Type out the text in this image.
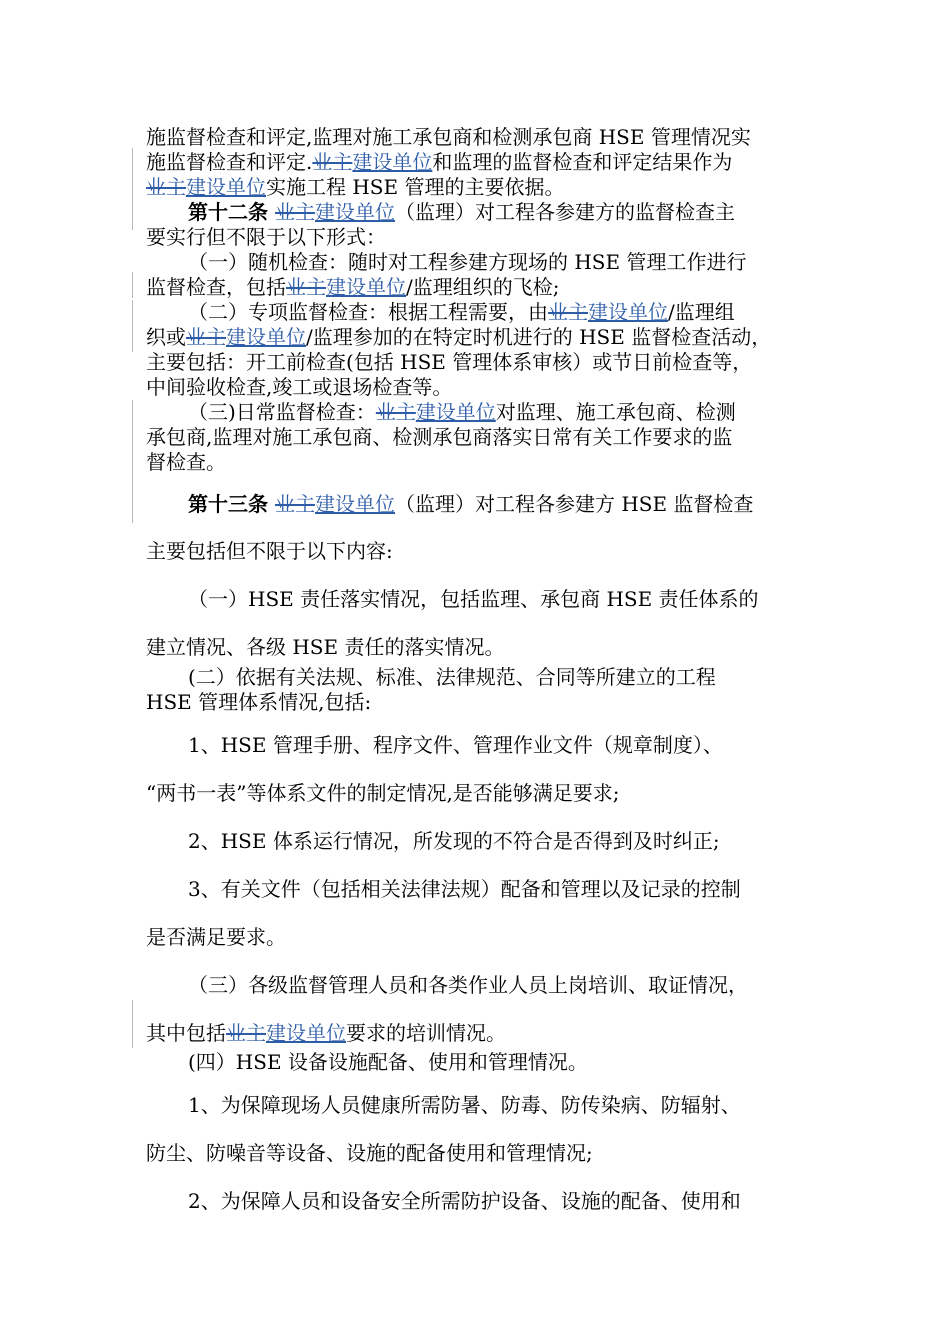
施监督检查和评定,监理对施工承包商和检测承包商 HSE 管理情况实
施监督检查和评定.业主建设单位和监理的监督检查和评定结果作为
业主建设单位实施工程 HSE 管理的主要依据。
第十二条 业主建设单位（监理）对工程各参建方的监督检查主
要实行但不限于以下形式：
（一）随机检查：随时对工程参建方现场的 HSE 管理工作进行
监督检查，包括业主建设单位/监理组织的飞检;
（二）专项监督检查：根据工程需要，由业主建设单位/监理组
织或业主建设单位/监理参加的在特定时机进行的 HSE 监督检查活动，
主要包括：开工前检查(包括 HSE 管理体系审核）或节日前检查等，
中间验收检查,竣工或退场检查等。
（三)日常监督检查：业主建设单位对监理、施工承包商、检测
承包商,监理对施工承包商、检测承包商落实日常有关工作要求的监
督检查。
第十三条 业主建设单位（监理）对工程各参建方 HSE 监督检查
主要包括但不限于以下内容:
（一）HSE 责任落实情况，包括监理、承包商 HSE 责任体系的
建立情况、各级 HSE 责任的落实情况。
(二）依据有关法规、标准、法律规范、合同等所建立的工程
HSE 管理体系情况,包括:
1、HSE 管理手册、程序文件、管理作业文件（规章制度）、
“两书一表”等体系文件的制定情况,是否能够满足要求;
2、HSE 体系运行情况，所发现的不符合是否得到及时纠正;
3、有关文件（包括相关法律法规）配备和管理以及记录的控制
是否满足要求。
（三）各级监督管理人员和各类作业人员上岗培训、取证情况，
其中包括业主建设单位要求的培训情况。
(四）HSE 设备设施配备、使用和管理情况。
1、为保障现场人员健康所需防暑、防毒、防传染病、防辐射、
防尘、防噪音等设备、设施的配备使用和管理情况;
2、为保障人员和设备安全所需防护设备、设施的配备、使用和
